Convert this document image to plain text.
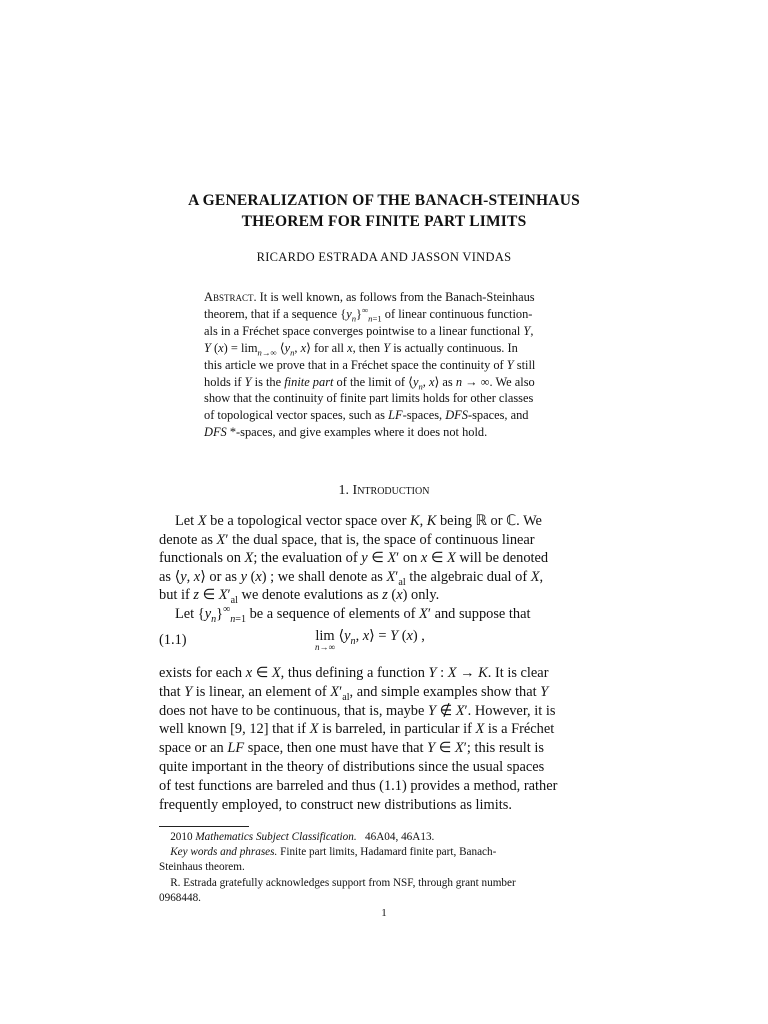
A GENERALIZATION OF THE BANACH-STEINHAUS
THEOREM FOR FINITE PART LIMITS
RICARDO ESTRADA AND JASSON VINDAS
Abstract. It is well known, as follows from the Banach-Steinhaus
theorem, that if a sequence $\{y_n\}^\infty_{n=1}$ of linear continuous function-
als in a Fréchet space converges pointwise to a linear functional Y,
Y $(x) = \lim_{n\to\infty}$ $⟨y_n$, x⟩ for all x, then Y is actually continuous. In
this article we prove that in a Fréchet space the continuity of Y still
holds if Y is the finite part of the limit of $⟨y_n$, x⟩ as n → ∞. We also
show that the continuity of finite part limits holds for other classes
of topological vector spaces, such as LF-spaces, DFS-spaces, and
DFS *-spaces, and give examples where it does not hold.
1. Introduction
Let X be a topological vector space over K, K being ℝ or ℂ. We
denote as X′ the dual space, that is, the space of continuous linear
functionals on X; the evaluation of y ∈ X′ on x ∈ X will be denoted
as ⟨y, x⟩ or as y (x) ; we shall denote as $X'_{al}$ the algebraic dual of X,
but if z ∈ $X'_{al}$ we denote evalutions as z (x) only.
Let $\{y_n\}^\infty_{n=1}$ be a sequence of elements of X′ and suppose that
(1.1)	lim
n→∞
$⟨y_n$, x⟩ = Y (x) ,
exists for each x ∈ X, thus defining a function Y : X → K. It is clear
that Y is linear, an element of $X'_{al}$, and simple examples show that Y
does not have to be continuous, that is, maybe Y ∉ X′. However, it is
well known [9, 12] that if X is barreled, in particular if X is a Fréchet
space or an LF space, then one must have that Y ∈ X′; this result is
quite important in the theory of distributions since the usual spaces
of test functions are barreled and thus (1.1) provides a method, rather
frequently employed, to construct new distributions as limits.
2010 Mathematics Subject Classification. 46A04, 46A13.
Key words and phrases. Finite part limits, Hadamard finite part, Banach-
Steinhaus theorem.
R. Estrada gratefully acknowledges support from NSF, through grant number
0968448.
1
